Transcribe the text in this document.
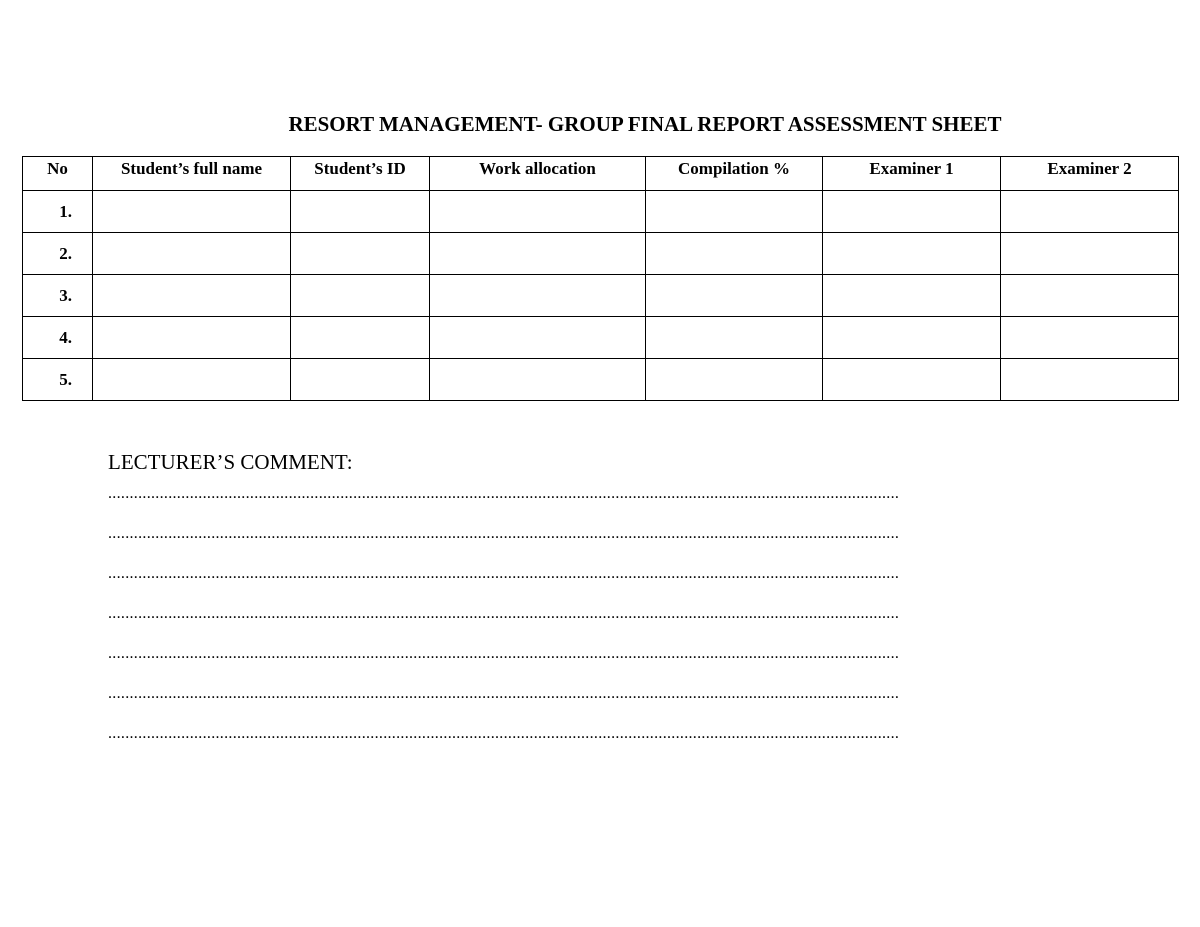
RESORT MANAGEMENT- GROUP FINAL REPORT ASSESSMENT SHEET
No	Student’s full name	Student’s ID	Work allocation	Compilation %	Examiner 1	Examiner 2
1.						
2.						
3.						
4.						
5.						
LECTURER’S COMMENT:
........................................................................................................................................................................................
........................................................................................................................................................................................
........................................................................................................................................................................................
........................................................................................................................................................................................
........................................................................................................................................................................................
........................................................................................................................................................................................
........................................................................................................................................................................................
